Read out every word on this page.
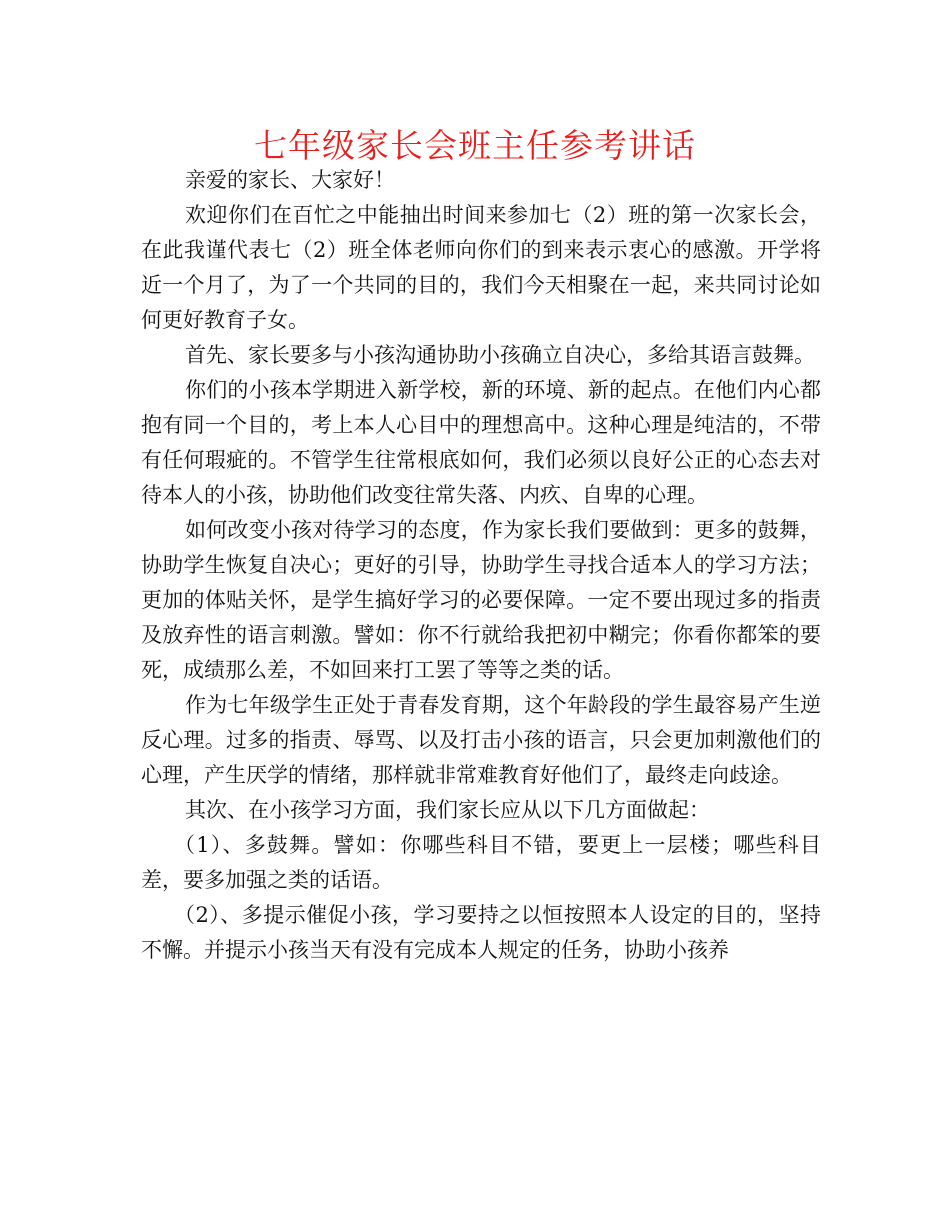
七年级家长会班主任参考讲话

亲爱的家长、大家好！

欢迎你们在百忙之中能抽出时间来参加七（2）班的第一次家长会，在此我谨代表七（2）班全体老师向你们的到来表示衷心的感激。开学将近一个月了，为了一个共同的目的，我们今天相聚在一起，来共同讨论如何更好教育子女。

首先、家长要多与小孩沟通协助小孩确立自决心，多给其语言鼓舞。

你们的小孩本学期进入新学校，新的环境、新的起点。在他们内心都抱有同一个目的，考上本人心目中的理想高中。这种心理是纯洁的，不带有任何瑕疵的。不管学生往常根底如何，我们必须以良好公正的心态去对待本人的小孩，协助他们改变往常失落、内疚、自卑的心理。

如何改变小孩对待学习的态度，作为家长我们要做到：更多的鼓舞，协助学生恢复自决心；更好的引导，协助学生寻找合适本人的学习方法；更加的体贴关怀，是学生搞好学习的必要保障。一定不要出现过多的指责及放弃性的语言刺激。譬如：你不行就给我把初中糊完；你看你都笨的要死，成绩那么差，不如回来打工罢了等等之类的话。

作为七年级学生正处于青春发育期，这个年龄段的学生最容易产生逆反心理。过多的指责、辱骂、以及打击小孩的语言，只会更加刺激他们的心理，产生厌学的情绪，那样就非常难教育好他们了，最终走向歧途。

其次、在小孩学习方面，我们家长应从以下几方面做起：

（1）、多鼓舞。譬如：你哪些科目不错，要更上一层楼；哪些科目差，要多加强之类的话语。

（2）、多提示催促小孩，学习要持之以恒按照本人设定的目的，坚持不懈。并提示小孩当天有没有完成本人规定的任务，协助小孩养
